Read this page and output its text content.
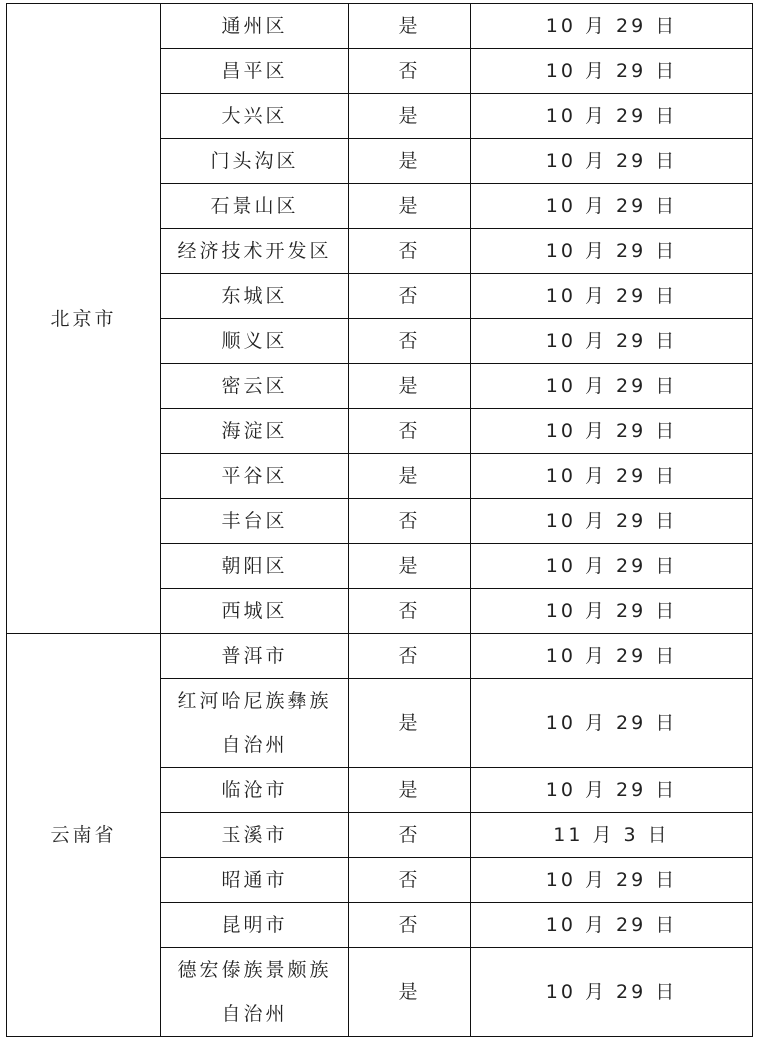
北京市	通州区	是	10 月 29 日
	昌平区	否	10 月 29 日
	大兴区	是	10 月 29 日
	门头沟区	是	10 月 29 日
	石景山区	是	10 月 29 日
	经济技术开发区	否	10 月 29 日
	东城区	否	10 月 29 日
	顺义区	否	10 月 29 日
	密云区	是	10 月 29 日
	海淀区	否	10 月 29 日
	平谷区	是	10 月 29 日
	丰台区	否	10 月 29 日
	朝阳区	是	10 月 29 日
	西城区	否	10 月 29 日
云南省	普洱市	否	10 月 29 日
	红河哈尼族彝族自治州	是	10 月 29 日
	临沧市	是	10 月 29 日
	玉溪市	否	11 月 3 日
	昭通市	否	10 月 29 日
	昆明市	否	10 月 29 日
	德宏傣族景颇族自治州	是	10 月 29 日
